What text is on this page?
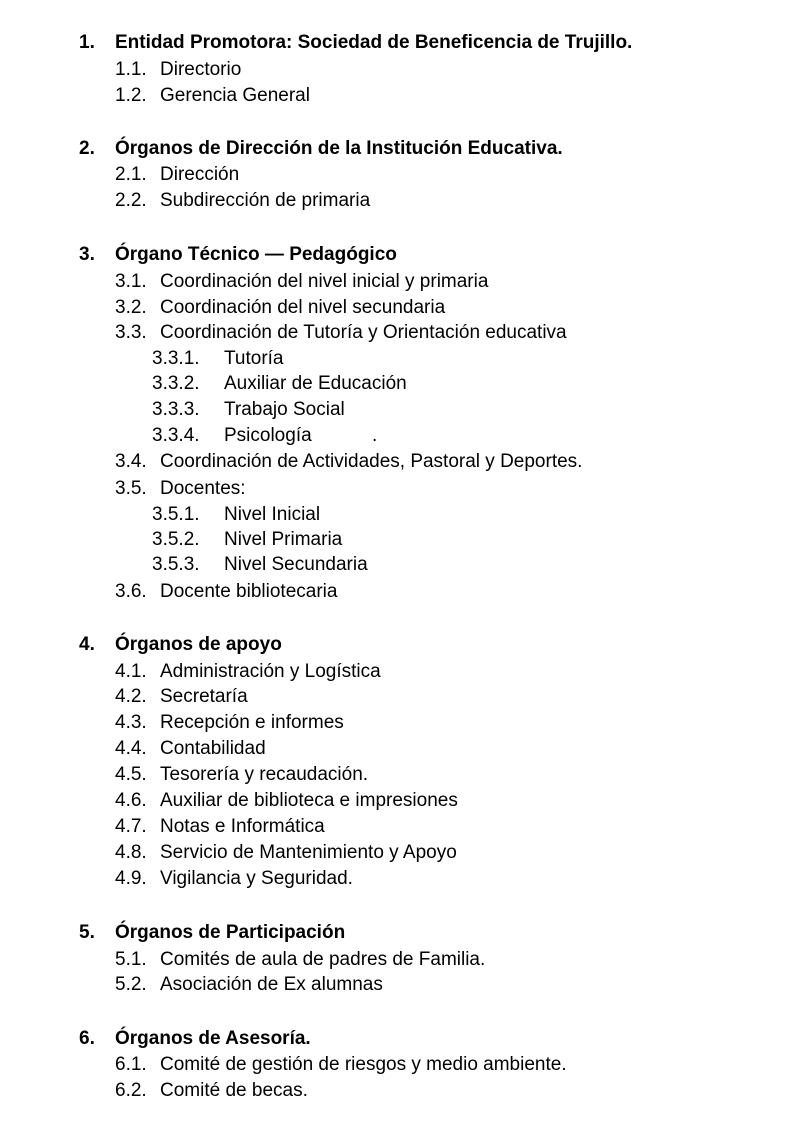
1. Entidad Promotora: Sociedad de Beneficencia de Trujillo.
1.1. Directorio
1.2. Gerencia General
2. Órganos de Dirección de la Institución Educativa.
2.1. Dirección
2.2. Subdirección de primaria
3. Órgano Técnico — Pedagógico
3.1. Coordinación del nivel inicial y primaria
3.2. Coordinación del nivel secundaria
3.3. Coordinación de Tutoría y Orientación educativa
3.3.1. Tutoría
3.3.2. Auxiliar de Educación
3.3.3. Trabajo Social
3.3.4. Psicología	.
3.4. Coordinación de Actividades, Pastoral y Deportes.
3.5. Docentes:
3.5.1. Nivel Inicial
3.5.2. Nivel Primaria
3.5.3. Nivel Secundaria
3.6. Docente bibliotecaria
4. Órganos de apoyo
4.1. Administración y Logística
4.2. Secretaría
4.3. Recepción e informes
4.4. Contabilidad
4.5. Tesorería y recaudación.
4.6. Auxiliar de biblioteca e impresiones
4.7. Notas e Informática
4.8. Servicio de Mantenimiento y Apoyo
4.9. Vigilancia y Seguridad.
5. Órganos de Participación
5.1. Comités de aula de padres de Familia.
5.2. Asociación de Ex alumnas
6. Órganos de Asesoría.
6.1. Comité de gestión de riesgos y medio ambiente.
6.2. Comité de becas.
